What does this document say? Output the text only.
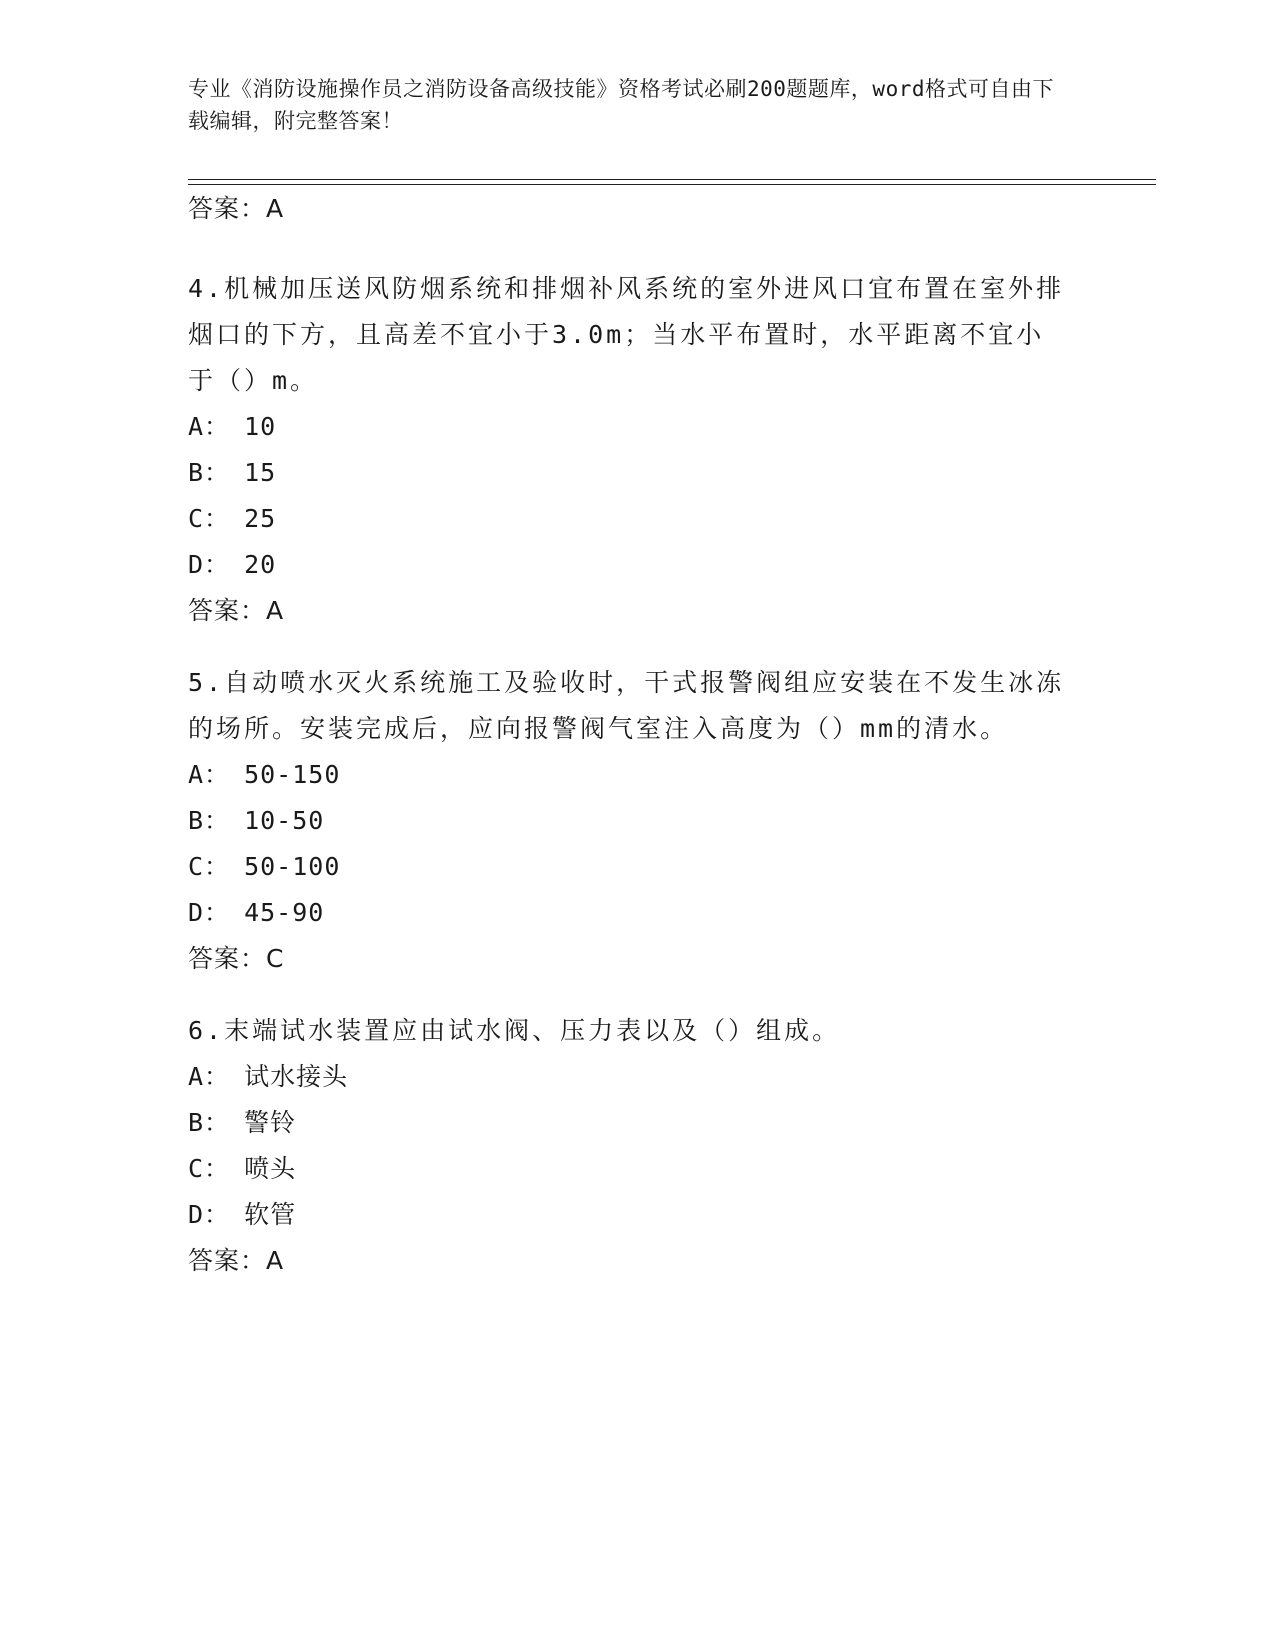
专业《消防设施操作员之消防设备高级技能》资格考试必刷200题题库，word格式可自由下载编辑，附完整答案！
答案：A
4.机械加压送风防烟系统和排烟补风系统的室外进风口宜布置在室外排烟口的下方，且高差不宜小于3.0m；当水平布置时，水平距离不宜小于（）m。
A： 10
B： 15
C： 25
D： 20
答案：A
5.自动喷水灭火系统施工及验收时，干式报警阀组应安装在不发生冰冻的场所。安装完成后，应向报警阀气室注入高度为（）mm的清水。
A： 50-150
B： 10-50
C： 50-100
D： 45-90
答案：C
6.末端试水装置应由试水阀、压力表以及（）组成。
A： 试水接头
B： 警铃
C： 喷头
D： 软管
答案：A
